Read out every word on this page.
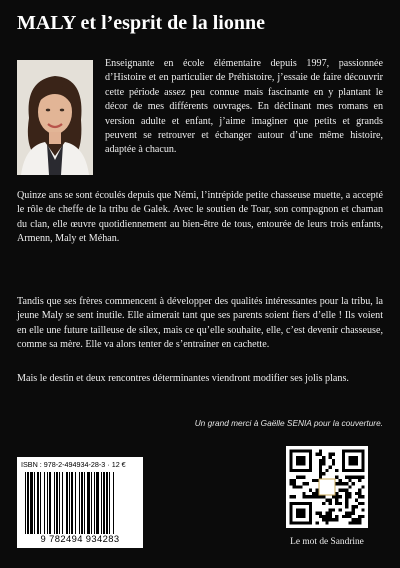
MALY et l’esprit de la lionne

Enseignante en école élémentaire depuis 1997, passionnée d’Histoire et en particulier de Préhistoire, j’essaie de faire découvrir cette période assez peu connue mais fascinante en y plantant le décor de mes différents ouvrages. En déclinant mes romans en version adulte et enfant, j’aime imaginer que petits et grands peuvent se retrouver et échanger autour d’une même histoire, adaptée à chacun.

Quinze ans se sont écoulés depuis que Némi, l’intrépide petite chasseuse muette, a accepté le rôle de cheffe de la tribu de Galek. Avec le soutien de Toar, son compagnon et chaman du clan, elle œuvre quotidiennement au bien-être de tous, entourée de leurs trois enfants, Armenn, Maly et Méhan.

Tandis que ses frères commencent à développer des qualités intéressantes pour la tribu, la jeune Maly se sent inutile. Elle aimerait tant que ses parents soient fiers d’elle ! Ils voient en elle une future tailleuse de silex, mais ce qu’elle souhaite, elle, c’est devenir chasseuse, comme sa mère. Elle va alors tenter de s’entrainer en cachette.

Mais le destin et deux rencontres déterminantes viendront modifier ses jolis plans.

Un grand merci à Gaëlle SENIA pour la couverture.

ISBN : 978-2-494934-28-3 · 12 €
9 782494 934283	Le mot de Sandrine
